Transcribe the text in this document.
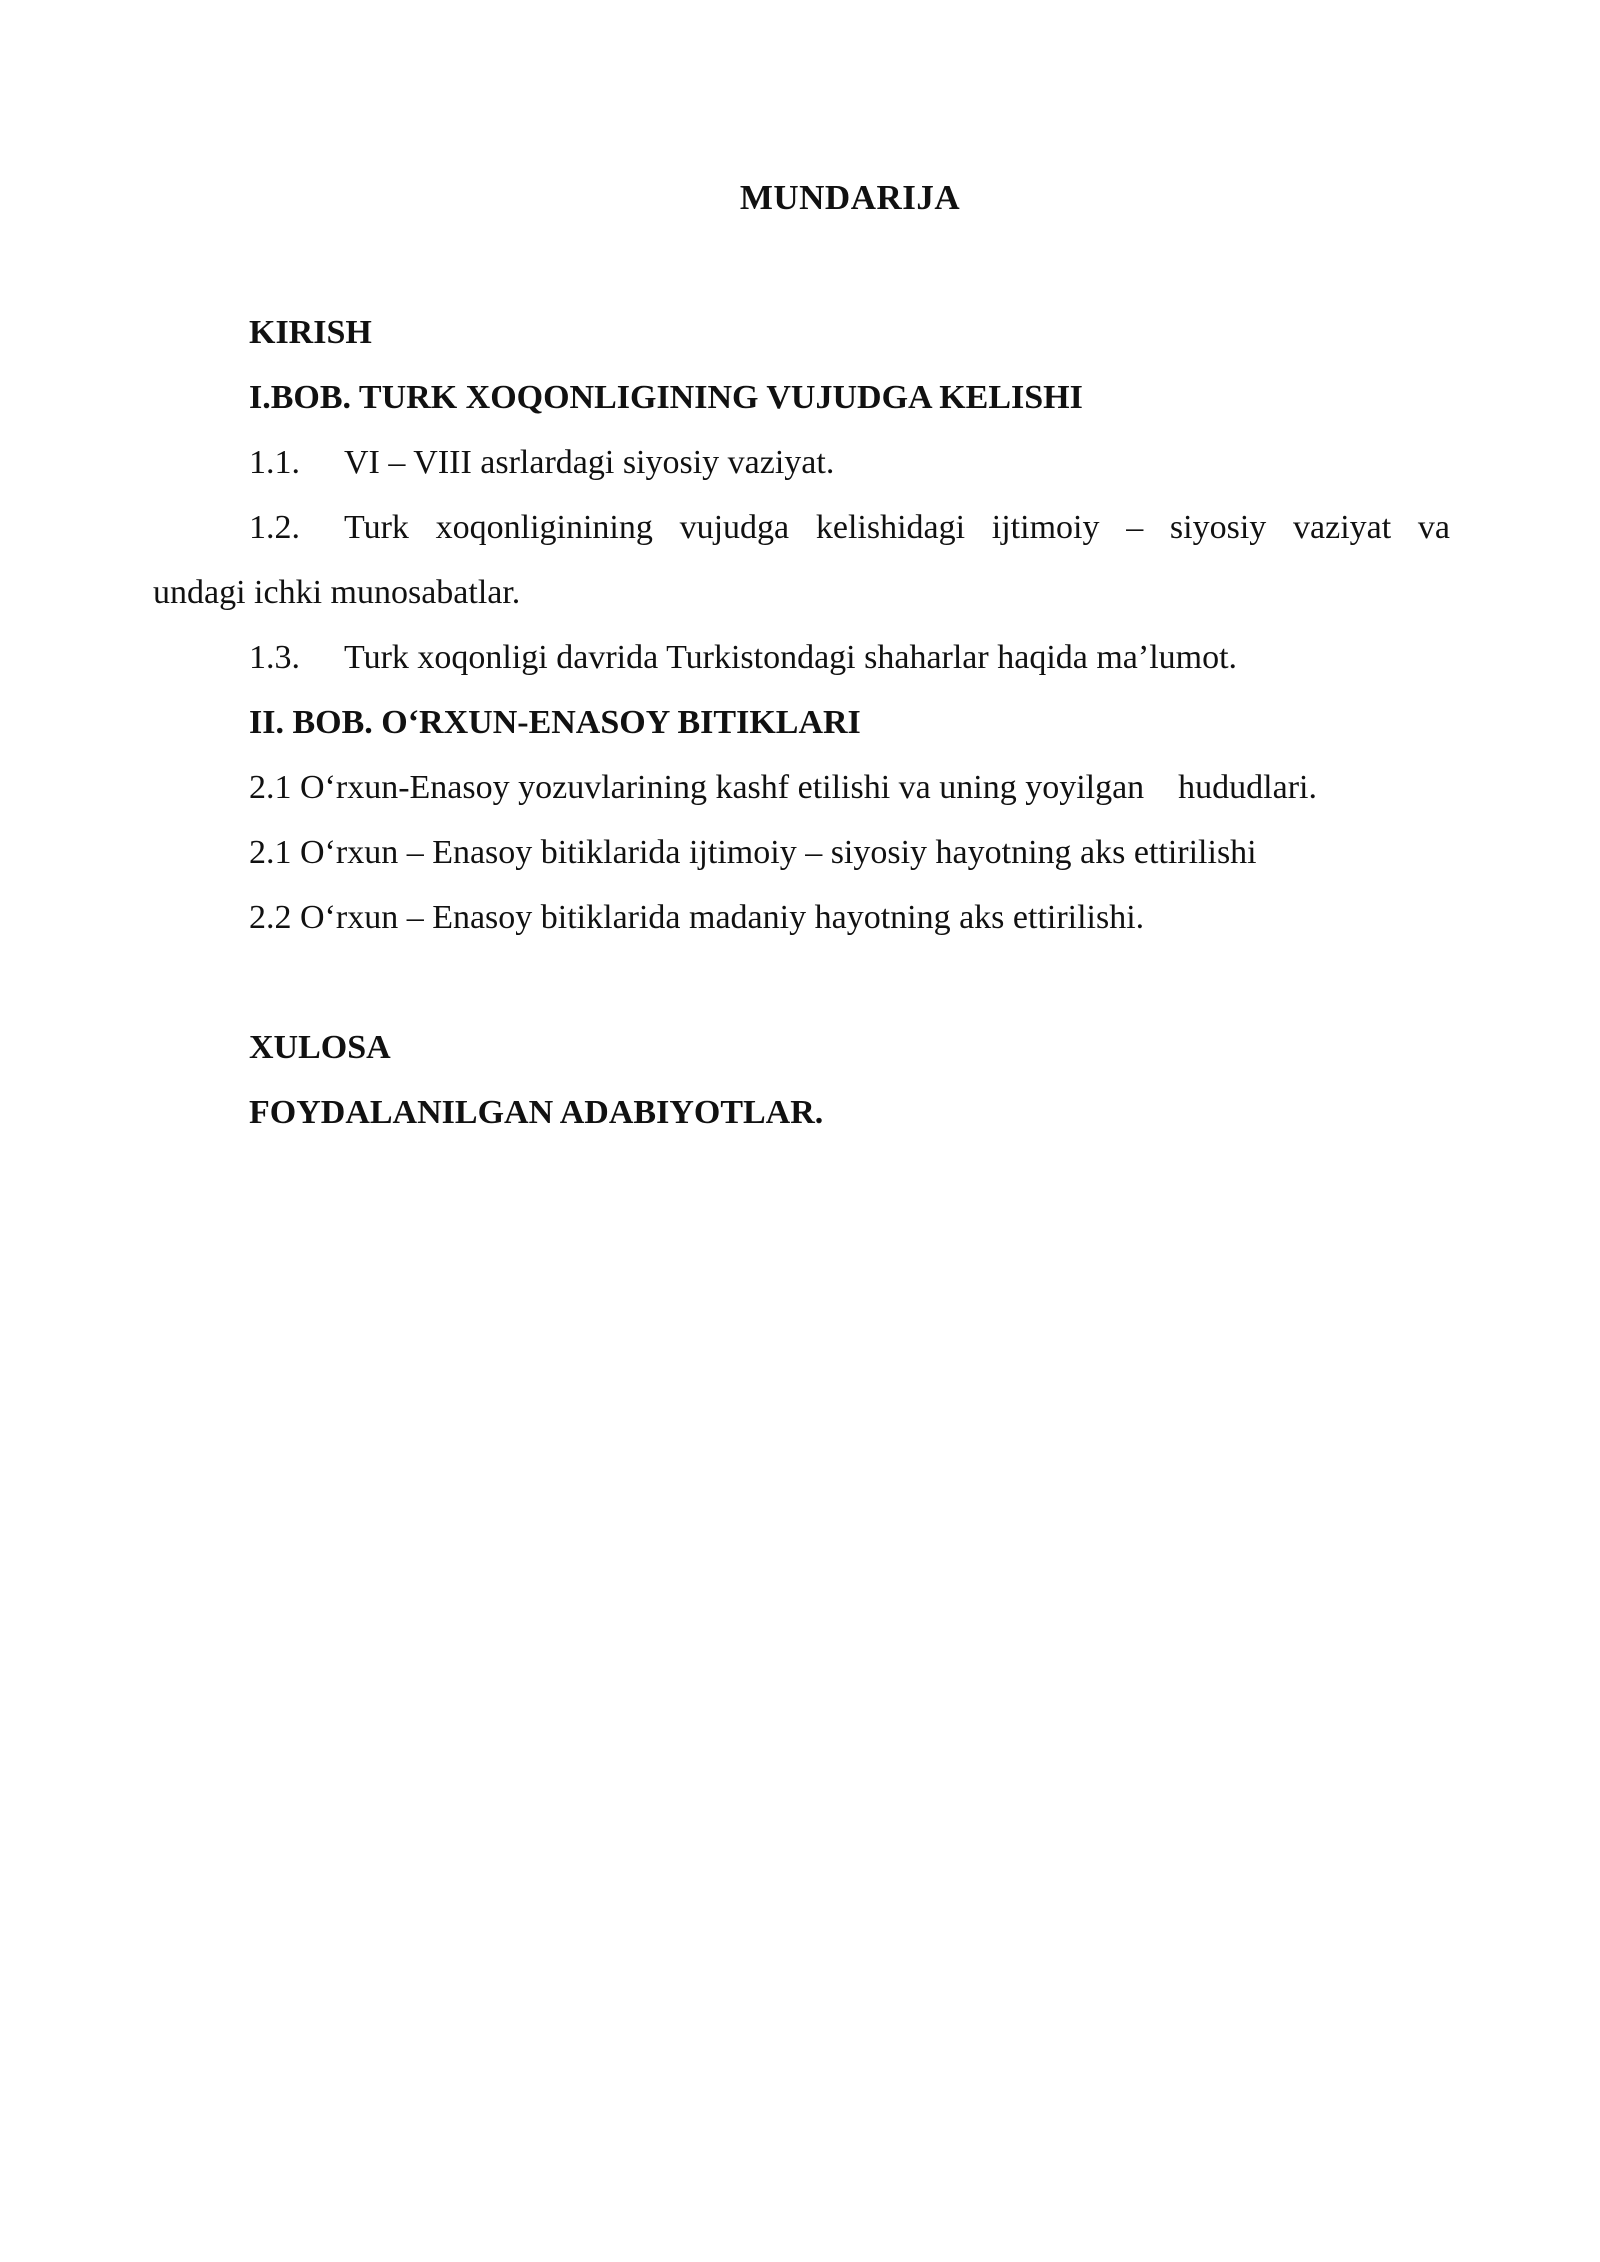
MUNDARIJA
KIRISH
I.BOB. TURK XOQONLIGINING VUJUDGA KELISHI
1.1. VI – VIII asrlardagi siyosiy vaziyat.
1.2. Turk xoqonliginining vujudga kelishidagi ijtimoiy – siyosiy vaziyat va
undagi ichki munosabatlar.
1.3. Turk xoqonligi davrida Turkistondagi shaharlar haqida ma’lumot.
II. BOB. O‘RXUN-ENASOY BITIKLARI
2.1 O‘rxun-Enasoy yozuvlarining kashf etilishi va uning yoyilgan    hududlari.
2.1 O‘rxun – Enasoy bitiklarida ijtimoiy – siyosiy hayotning aks ettirilishi
2.2 O‘rxun – Enasoy bitiklarida madaniy hayotning aks ettirilishi.
XULOSA
FOYDALANILGAN ADABIYOTLAR.
